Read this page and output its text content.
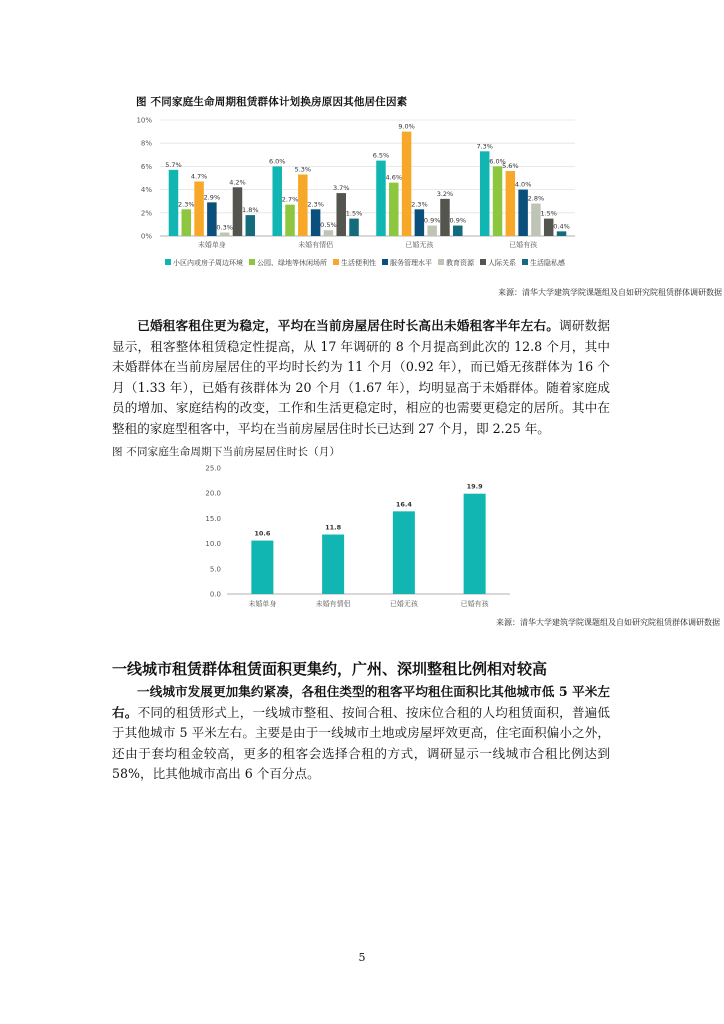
图 不同家庭生命周期租赁群体计划换房原因其他居住因素
0%
2%
4%
6%
8%
10%
5.7%
2.3%
4.7%
2.9%
0.3%
4.2%
1.8%
未婚单身
6.0%
2.7%
5.3%
2.3%
0.5%
3.7%
1.5%
未婚有情侣
6.5%
4.6%
9.0%
2.3%
0.9%
3.2%
0.9%
已婚无孩
7.3%
6.0%
5.6%
4.0%
2.8%
1.5%
0.4%
已婚有孩
小区内或房子周边环境 公园、绿地等休闲场所 生活便利性 服务管理水平 教育资源 人际关系 生活隐私感
来源：清华大学建筑学院课题组及自如研究院租赁群体调研数据

已婚租客租住更为稳定，平均在当前房屋居住时长高出未婚租客半年左右。调研数据显示，租客整体租赁稳定性提高，从 17 年调研的 8 个月提高到此次的 12.8 个月，其中未婚群体在当前房屋居住的平均时长约为 11 个月（0.92 年），而已婚无孩群体为 16 个月（1.33 年），已婚有孩群体为 20 个月（1.67 年），均明显高于未婚群体。随着家庭成员的增加、家庭结构的改变，工作和生活更稳定时，相应的也需要更稳定的居所。其中在整租的家庭型租客中，平均在当前房屋居住时长已达到 27 个月，即 2.25 年。

图 不同家庭生命周期下当前房屋居住时长（月）
0.0
5.0
10.0
15.0
20.0
25.0
10.6
未婚单身
11.8
未婚有情侣
16.4
已婚无孩
19.9
已婚有孩
来源：清华大学建筑学院课题组及自如研究院租赁群体调研数据
一线城市租赁群体租赁面积更集约，广州、深圳整租比例相对较高

一线城市发展更加集约紧凑，各租住类型的租客平均租住面积比其他城市低 5 平米左右。不同的租赁形式上，一线城市整租、按间合租、按床位合租的人均租赁面积，普遍低于其他城市 5 平米左右。主要是由于一线城市土地或房屋坪效更高，住宅面积偏小之外，还由于套均租金较高，更多的租客会选择合租的方式，调研显示一线城市合租比例达到 58%，比其他城市高出 6 个百分点。

5
